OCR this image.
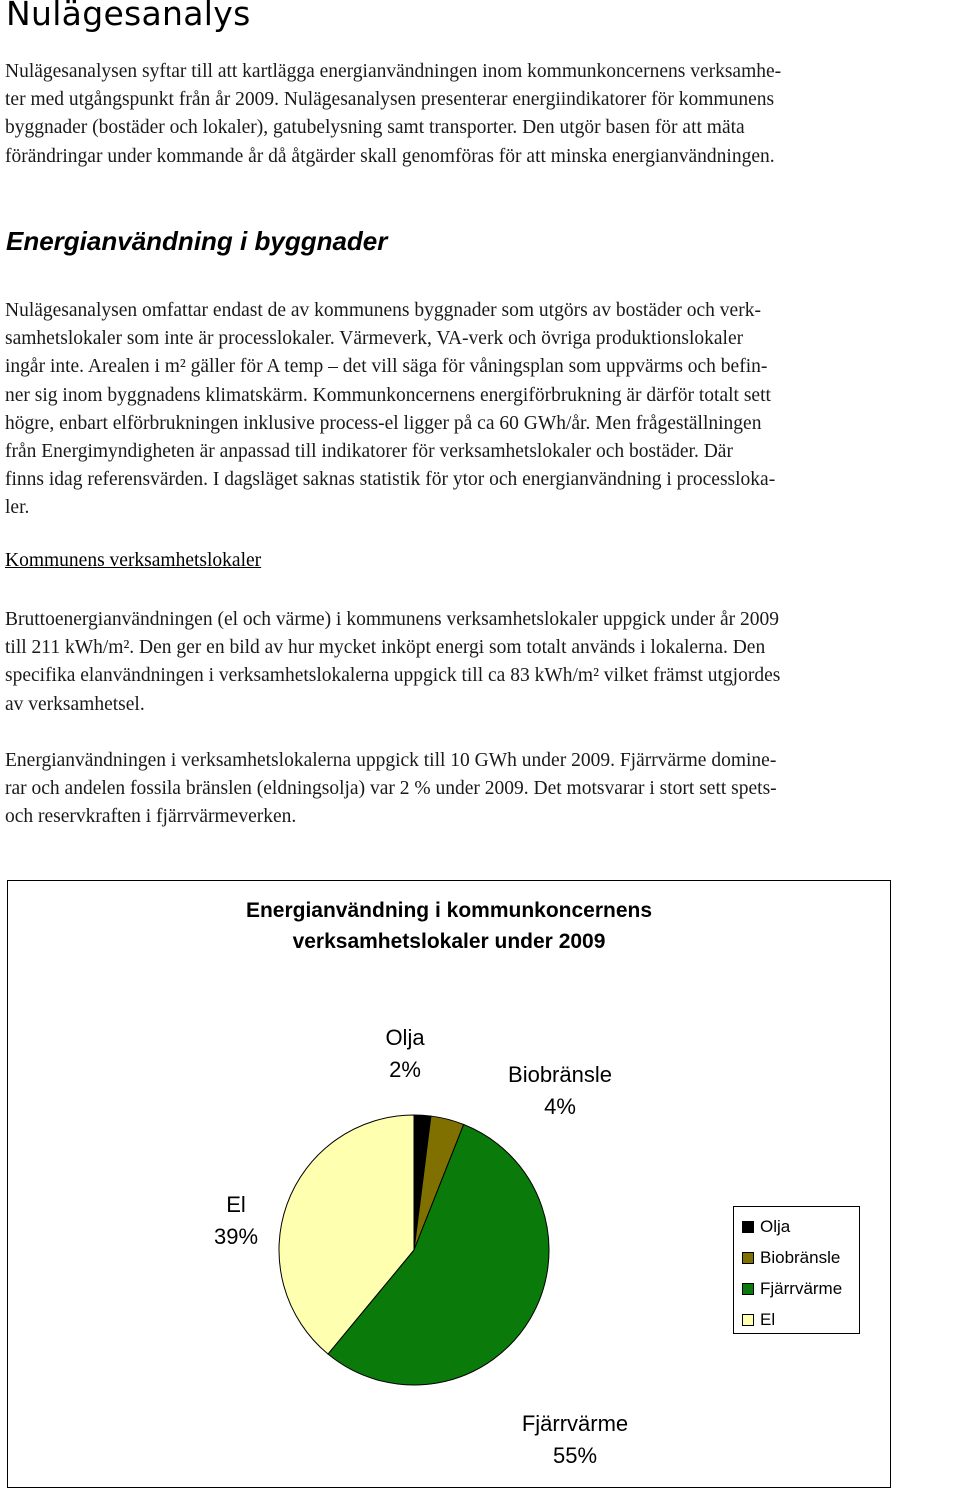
Nulägesanalys
Nulägesanalysen syftar till att kartlägga energianvändningen inom kommunkoncernens verksamhe-
ter med utgångspunkt från år 2009. Nulägesanalysen presenterar energiindikatorer för kommunens
byggnader (bostäder och lokaler), gatubelysning samt transporter. Den utgör basen för att mäta
förändringar under kommande år då åtgärder skall genomföras för att minska energianvändningen.
Energianvändning i byggnader
Nulägesanalysen omfattar endast de av kommunens byggnader som utgörs av bostäder och verk-
samhetslokaler som inte är processlokaler. Värmeverk, VA-verk och övriga produktionslokaler
ingår inte. Arealen i m² gäller för A temp – det vill säga för våningsplan som uppvärms och befin-
ner sig inom byggnadens klimatskärm. Kommunkoncernens energiförbrukning är därför totalt sett
högre, enbart elförbrukningen inklusive process-el ligger på ca 60 GWh/år. Men frågeställningen
från Energimyndigheten är anpassad till indikatorer för verksamhetslokaler och bostäder. Där
finns idag referensvärden. I dagsläget saknas statistik för ytor och energianvändning i processloka-
ler.

Kommunens verksamhetslokaler

Bruttoenergianvändningen (el och värme) i kommunens verksamhetslokaler uppgick under år 2009
till 211 kWh/m². Den ger en bild av hur mycket inköpt energi som totalt används i lokalerna. Den
specifika elanvändningen i verksamhetslokalerna uppgick till ca 83 kWh/m² vilket främst utgjordes
av verksamhetsel.
Energianvändningen i verksamhetslokalerna uppgick till 10 GWh under 2009. Fjärrvärme domine-
rar och andelen fossila bränslen (eldningsolja) var 2 % under 2009. Det motsvarar i stort sett spets-
och reservkraften i fjärrvärmeverken.
Energianvändning i kommunkoncernens
verksamhetslokaler under 2009
Olja
2%	Biobränsle
4%
El
39%
Fjärrvärme
55%
Olja
Biobränsle
Fjärrvärme
El
